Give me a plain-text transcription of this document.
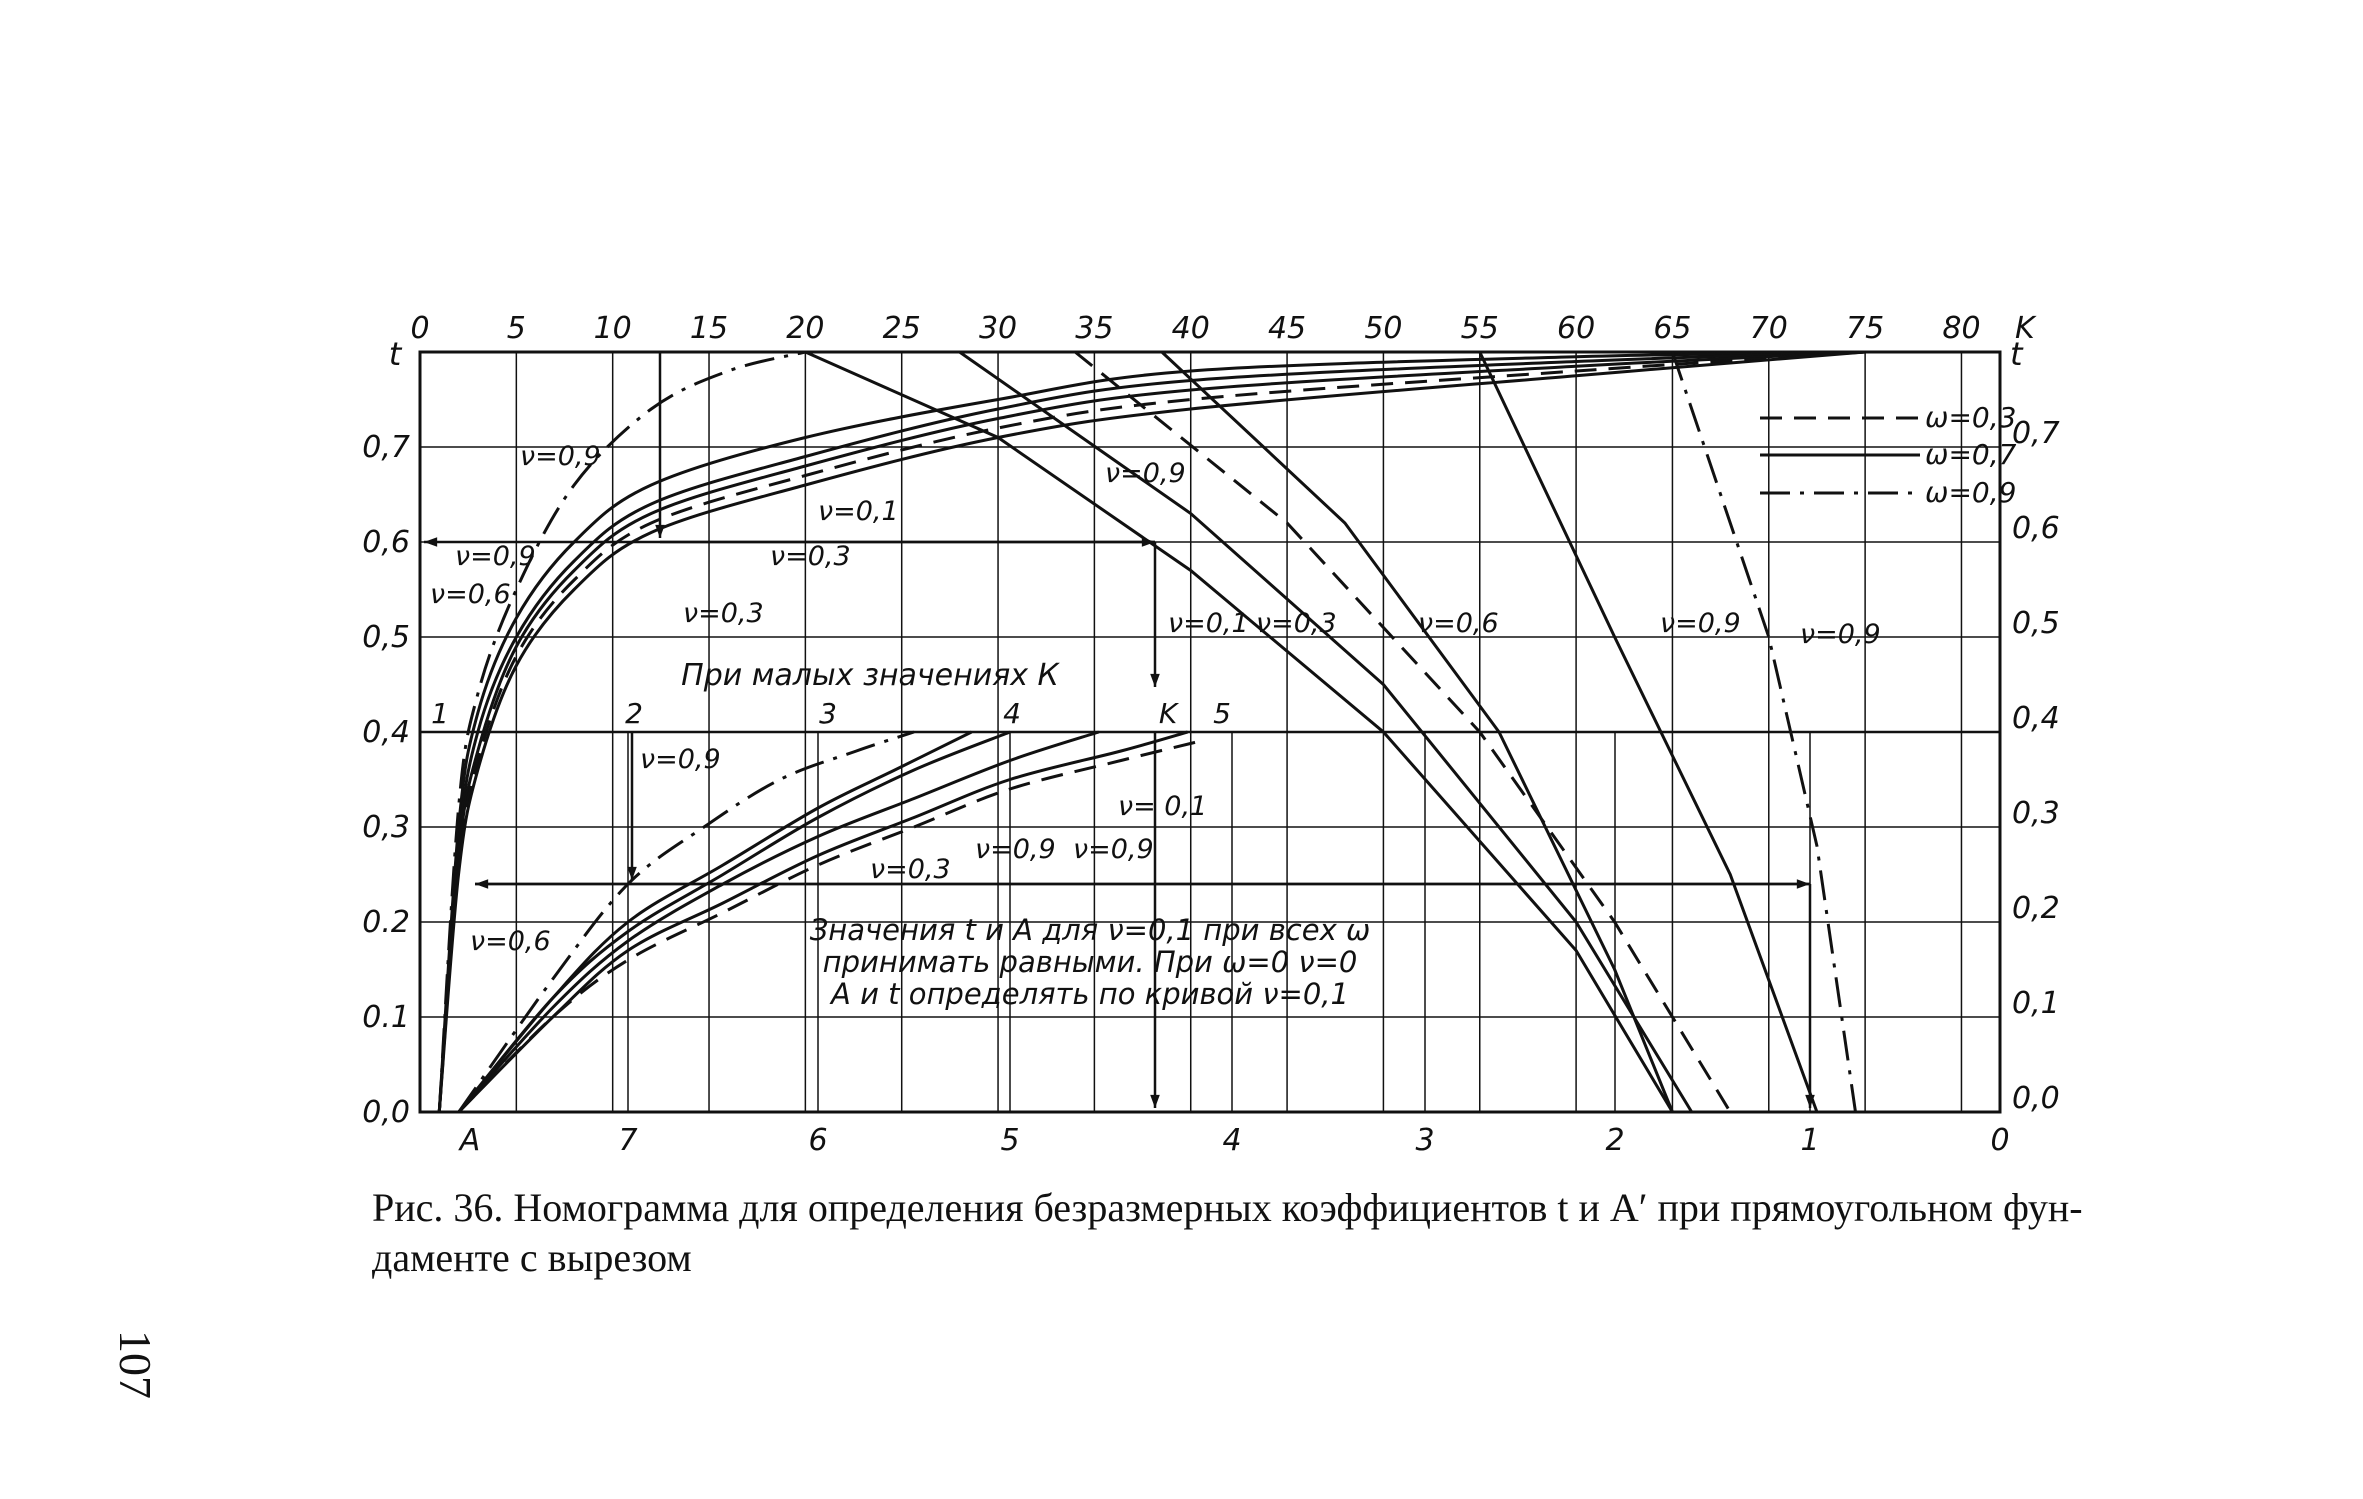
0	5 10 15 20 25 30 35 40 45 50 55 60 65 70 75 80 K
0,0
0.1
0.2
0,3
0,4
0,5
0,6
0,7
t
0,0
0,1
0,2
0,3
0,4
0,5
0,6
0,7
t
A	7	6	5	4	3	2	1	0
1	2	3	4	5
K
ω=0,3
ω=0,7
ω=0,9
ν=0,9
ν=0,9
ν=0,6
ν=0,1
ν=0,3
ν=0,3
ν=0,9
ν=0,1 ν=0,3	ν=0,6	ν=0,9 ν=0,9
ν=0,9
ν= 0,1
ν=0,9 ν=0,9
ν=0,3
ν=0,6
При малых значениях К
Значения t и A для ν=0,1 при всех ω
принимать равными. При ω=0 ν=0
A и t определять по кривой ν=0,1
Рис. 36. Номограмма для определения безразмерных коэффициентов t и A′ при прямоугольном фун-
даменте с вырезом
107
